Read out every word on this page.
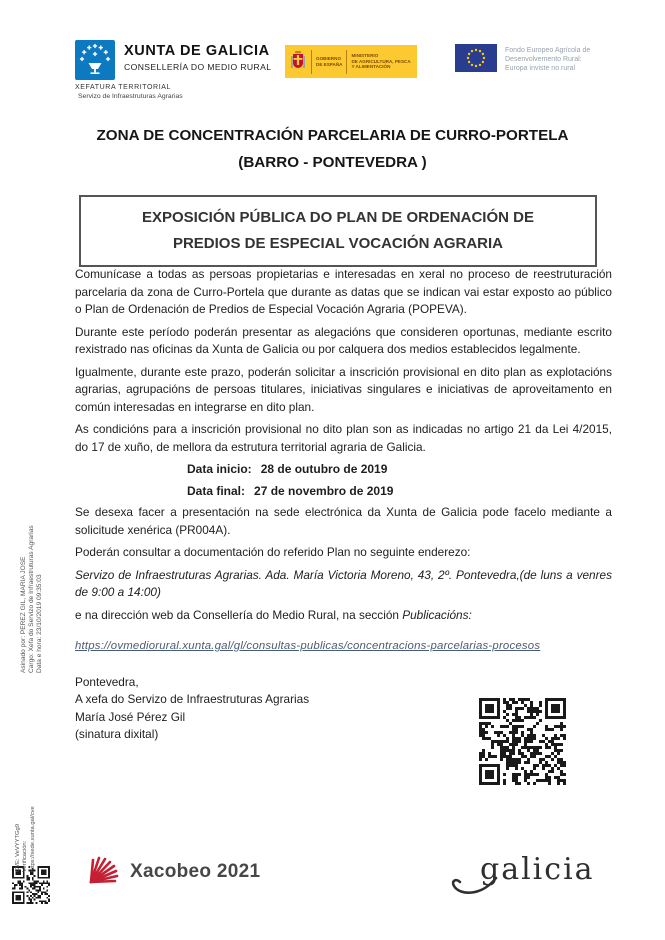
XUNTA DE GALICIA
CONSELLERÍA DO MEDIO RURAL
XEFATURA TERRITORIAL
Servizo de Infraestruturas Agrarias
GOBIERNO
DE ESPAÑA
MINISTERIO
DE AGRICULTURA, PESCA
Y ALIMENTACIÓN
Fondo Europeo Agrícola de
Desenvolvemento Rural:
Europa inviste no rural
ZONA DE CONCENTRACIÓN PARCELARIA DE CURRO-PORTELA
(BARRO - PONTEVEDRA )
EXPOSICIÓN PÚBLICA DO PLAN DE ORDENACIÓN DE
PREDIOS DE ESPECIAL VOCACIÓN AGRARIA

Comunícase a todas as persoas propietarias e interesadas en xeral no proceso de reestruturación parcelaria da zona de Curro-Portela que durante as datas que se indican vai estar exposto ao público o Plan de Ordenación de Predios de Especial Vocación Agraria (POPEVA).

Durante este período poderán presentar as alegacións que consideren oportunas, mediante escrito rexistrado nas oficinas da Xunta de Galicia ou por calquera dos medios establecidos legalmente.

Igualmente, durante este prazo, poderán solicitar a inscrición provisional en dito plan as explotacións agrarias, agrupacións de persoas titulares, iniciativas singulares e iniciativas de aproveitamento en común interesadas en integrarse en dito plan.

As condicións para a inscrición provisional no dito plan son as indicadas no artigo 21 da Lei 4/2015, do 17 de xuño, de mellora da estrutura territorial agraria de Galicia.

Data inicio: 28 de outubro de 2019
Data final: 27 de novembro de 2019

Se desexa facer a presentación na sede electrónica da Xunta de Galicia pode facelo mediante a solicitude xenérica (PR004A).

Poderán consultar a documentación do referido Plan no seguinte enderezo:

Servizo de Infraestruturas Agrarias. Ada. María Victoria Moreno, 43, 2º. Pontevedra,(de luns a venres de 9:00 a 14:00)

e na dirección web da Consellería do Medio Rural, na sección Publicacións:

https://ovmediorural.xunta.gal/gl/consultas-publicas/concentracions-parcelarias-procesos
Pontevedra,
A xefa do Servizo de Infraestruturas Agrarias
María José Pérez Gil
(sinatura dixital)
Asinado por: PEREZ GIL, MARIA JOSE Cargo: Xefa do Servizo de Infraestruturas Agrarias Data e hora: 23/10/2019 09:35:03
CVE: VeVYYTGg9 Verificación: https://sede.xunta.gal/cve	Xacobeo 2021	galicia
